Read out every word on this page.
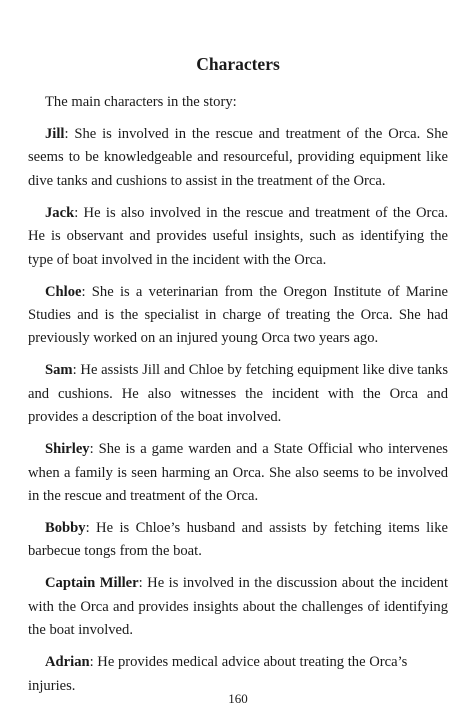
Characters

The main characters in the story:

Jill: She is involved in the rescue and treatment of the Orca. She seems to be knowledgeable and resourceful, providing equipment like dive tanks and cushions to assist in the treatment of the Orca.

Jack: He is also involved in the rescue and treatment of the Orca. He is observant and provides useful insights, such as identifying the type of boat involved in the incident with the Orca.

Chloe: She is a veterinarian from the Oregon Institute of Marine Studies and is the specialist in charge of treating the Orca. She had previously worked on an injured young Orca two years ago.

Sam: He assists Jill and Chloe by fetching equipment like dive tanks and cushions. He also witnesses the incident with the Orca and provides a description of the boat involved.

Shirley: She is a game warden and a State Official who intervenes when a family is seen harming an Orca. She also seems to be involved in the rescue and treatment of the Orca.

Bobby: He is Chloe’s husband and assists by fetching items like barbecue tongs from the boat.

Captain Miller: He is involved in the discussion about the incident with the Orca and provides insights about the challenges of identifying the boat involved.

Adrian: He provides medical advice about treating the Orca’s injuries.

160
